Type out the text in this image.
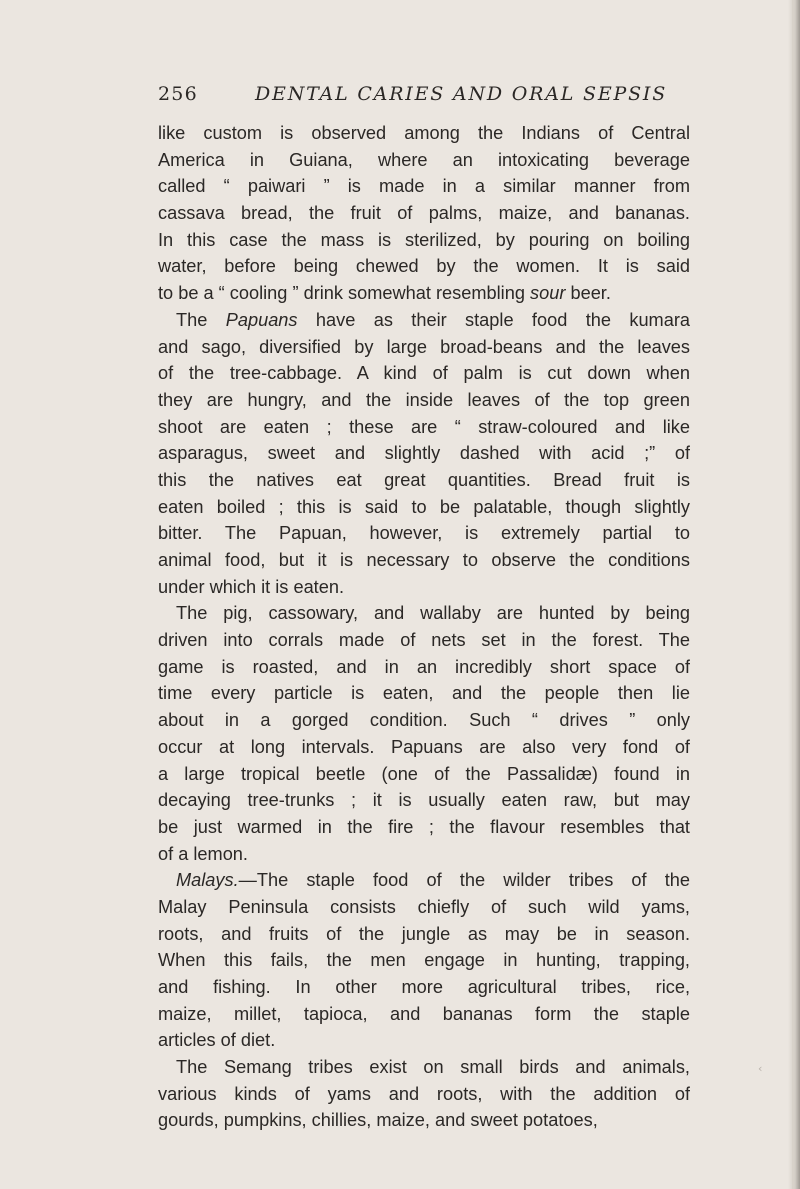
256	DENTAL CARIES AND ORAL SEPSIS
like custom is observed among the Indians of Central
America in Guiana, where an intoxicating beverage
called “ paiwari ” is made in a similar manner from
cassava bread, the fruit of palms, maize, and bananas.
In this case the mass is sterilized, by pouring on boiling
water, before being chewed by the women. It is said
to be a “ cooling ” drink somewhat resembling sour beer.
The Papuans have as their staple food the kumara
and sago, diversified by large broad-beans and the leaves
of the tree-cabbage. A kind of palm is cut down when
they are hungry, and the inside leaves of the top green
shoot are eaten ; these are “ straw-coloured and like
asparagus, sweet and slightly dashed with acid ;” of
this the natives eat great quantities. Bread fruit is
eaten boiled ; this is said to be palatable, though slightly
bitter. The Papuan, however, is extremely partial to
animal food, but it is necessary to observe the conditions
under which it is eaten.
The pig, cassowary, and wallaby are hunted by being
driven into corrals made of nets set in the forest. The
game is roasted, and in an incredibly short space of
time every particle is eaten, and the people then lie
about in a gorged condition. Such “ drives ” only
occur at long intervals. Papuans are also very fond of
a large tropical beetle (one of the Passalidæ) found in
decaying tree-trunks ; it is usually eaten raw, but may
be just warmed in the fire ; the flavour resembles that
of a lemon.
Malays.—The staple food of the wilder tribes of the
Malay Peninsula consists chiefly of such wild yams,
roots, and fruits of the jungle as may be in season.
When this fails, the men engage in hunting, trapping,
and fishing. In other more agricultural tribes, rice,
maize, millet, tapioca, and bananas form the staple
articles of diet.
The Semang tribes exist on small birds and animals,
various kinds of yams and roots, with the addition of
gourds, pumpkins, chillies, maize, and sweet potatoes,
‹
